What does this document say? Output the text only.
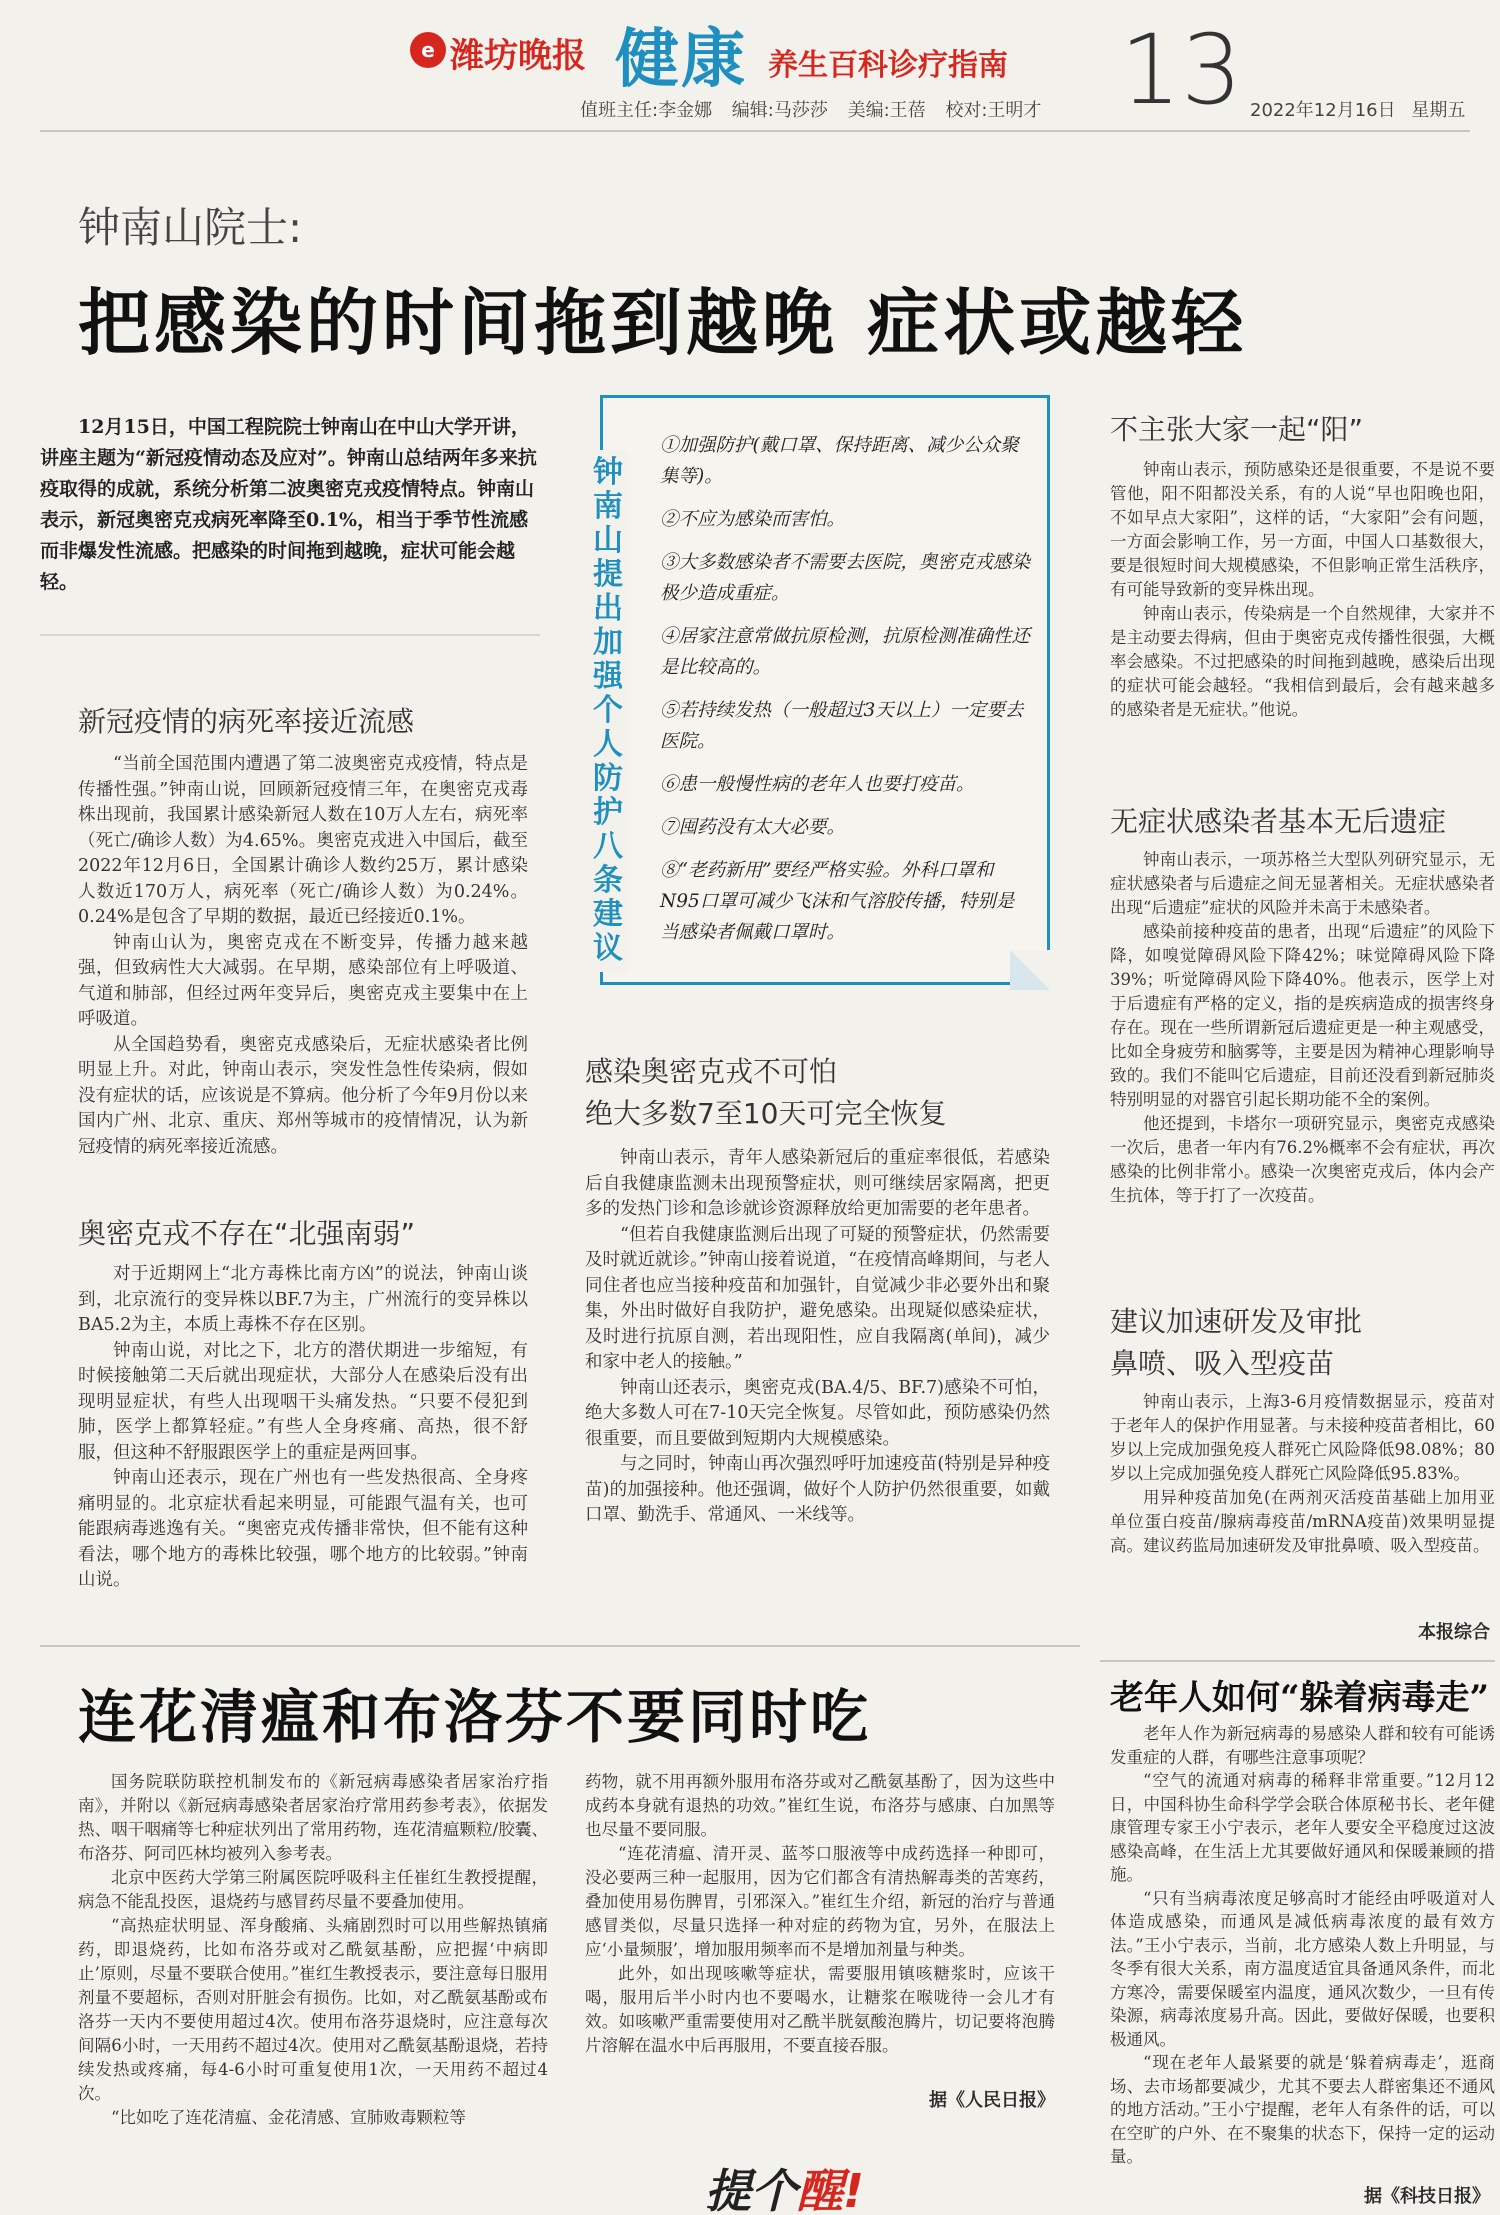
e 潍坊晚报 健康 养生百科诊疗指南 13
值班主任:李金娜 编辑:马莎莎 美编:王蓓 校对:王明才	2022年12月16日 星期五
钟南山院士:
把感染的时间拖到越晚 症状或越轻
12月15日，中国工程院院士钟南山在中山大学开讲，讲座主题为“新冠疫情动态及应对”。钟南山总结两年多来抗疫取得的成就，系统分析第二波奥密克戎疫情特点。钟南山表示，新冠奥密克戎病死率降至0.1%，相当于季节性流感而非爆发性流感。把感染的时间拖到越晚，症状可能会越轻。
新冠疫情的病死率接近流感

“当前全国范围内遭遇了第二波奥密克戎疫情，特点是传播性强。”钟南山说，回顾新冠疫情三年，在奥密克戎毒株出现前，我国累计感染新冠人数在10万人左右，病死率（死亡/确诊人数）为4.65%。奥密克戎进入中国后，截至2022年12月6日，全国累计确诊人数约25万，累计感染人数近170万人，病死率（死亡/确诊人数）为0.24%。0.24%是包含了早期的数据，最近已经接近0.1%。

钟南山认为，奥密克戎在不断变异，传播力越来越强，但致病性大大减弱。在早期，感染部位有上呼吸道、气道和肺部，但经过两年变异后，奥密克戎主要集中在上呼吸道。

从全国趋势看，奥密克戎感染后，无症状感染者比例明显上升。对此，钟南山表示，突发性急性传染病，假如没有症状的话，应该说是不算病。他分析了今年9月份以来国内广州、北京、重庆、郑州等城市的疫情情况，认为新冠疫情的病死率接近流感。

奥密克戎不存在“北强南弱”

对于近期网上“北方毒株比南方凶”的说法，钟南山谈到，北京流行的变异株以BF.7为主，广州流行的变异株以BA5.2为主，本质上毒株不存在区别。

钟南山说，对比之下，北方的潜伏期进一步缩短，有时候接触第二天后就出现症状，大部分人在感染后没有出现明显症状，有些人出现咽干头痛发热。“只要不侵犯到肺，医学上都算轻症。”有些人全身疼痛、高热，很不舒服，但这种不舒服跟医学上的重症是两回事。

钟南山还表示，现在广州也有一些发热很高、全身疼痛明显的。北京症状看起来明显，可能跟气温有关，也可能跟病毒逃逸有关。“奥密克戎传播非常快，但不能有这种看法，哪个地方的毒株比较强，哪个地方的比较弱。”钟南山说。

钟南山提出加强个人防护八条建议
①加强防护(戴口罩、保持距离、减少公众聚集等)。
②不应为感染而害怕。
③大多数感染者不需要去医院，奥密克戎感染极少造成重症。
④居家注意常做抗原检测，抗原检测准确性还是比较高的。
⑤若持续发热（一般超过3天以上）一定要去医院。
⑥患一般慢性病的老年人也要打疫苗。
⑦囤药没有太大必要。
⑧“老药新用”要经严格实验。外科口罩和N95口罩可减少飞沫和气溶胶传播，特别是当感染者佩戴口罩时。
感染奥密克戎不可怕
绝大多数7至10天可完全恢复

钟南山表示，青年人感染新冠后的重症率很低，若感染后自我健康监测未出现预警症状，则可继续居家隔离，把更多的发热门诊和急诊就诊资源释放给更加需要的老年患者。

“但若自我健康监测后出现了可疑的预警症状，仍然需要及时就近就诊。”钟南山接着说道，“在疫情高峰期间，与老人同住者也应当接种疫苗和加强针，自觉减少非必要外出和聚集，外出时做好自我防护，避免感染。出现疑似感染症状，及时进行抗原自测，若出现阳性，应自我隔离(单间)，减少和家中老人的接触。”

钟南山还表示，奥密克戎(BA.4/5、BF.7)感染不可怕，绝大多数人可在7-10天完全恢复。尽管如此，预防感染仍然很重要，而且要做到短期内大规模感染。

与之同时，钟南山再次强烈呼吁加速疫苗(特别是异种疫苗)的加强接种。他还强调，做好个人防护仍然很重要，如戴口罩、勤洗手、常通风、一米线等。

不主张大家一起“阳”

钟南山表示，预防感染还是很重要，不是说不要管他，阳不阳都没关系，有的人说“早也阳晚也阳，不如早点大家阳”，这样的话，“大家阳”会有问题，一方面会影响工作，另一方面，中国人口基数很大，要是很短时间大规模感染，不但影响正常生活秩序，有可能导致新的变异株出现。

钟南山表示，传染病是一个自然规律，大家并不是主动要去得病，但由于奥密克戎传播性很强，大概率会感染。不过把感染的时间拖到越晚，感染后出现的症状可能会越轻。“我相信到最后，会有越来越多的感染者是无症状。”他说。

无症状感染者基本无后遗症

钟南山表示，一项苏格兰大型队列研究显示，无症状感染者与后遗症之间无显著相关。无症状感染者出现“后遗症”症状的风险并未高于未感染者。

感染前接种疫苗的患者，出现“后遗症”的风险下降，如嗅觉障碍风险下降42%；味觉障碍风险下降39%；听觉障碍风险下降40%。他表示，医学上对于后遗症有严格的定义，指的是疾病造成的损害终身存在。现在一些所谓新冠后遗症更是一种主观感受，比如全身疲劳和脑雾等，主要是因为精神心理影响导致的。我们不能叫它后遗症，目前还没看到新冠肺炎特别明显的对器官引起长期功能不全的案例。

他还提到，卡塔尔一项研究显示，奥密克戎感染一次后，患者一年内有76.2%概率不会有症状，再次感染的比例非常小。感染一次奥密克戎后，体内会产生抗体，等于打了一次疫苗。

建议加速研发及审批
鼻喷、吸入型疫苗

钟南山表示，上海3-6月疫情数据显示，疫苗对于老年人的保护作用显著。与未接种疫苗者相比，60岁以上完成加强免疫人群死亡风险降低98.08%；80岁以上完成加强免疫人群死亡风险降低95.83%。

用异种疫苗加免(在两剂灭活疫苗基础上加用亚单位蛋白疫苗/腺病毒疫苗/mRNA疫苗)效果明显提高。建议药监局加速研发及审批鼻喷、吸入型疫苗。

本报综合
连花清瘟和布洛芬不要同时吃

国务院联防联控机制发布的《新冠病毒感染者居家治疗指南》，并附以《新冠病毒感染者居家治疗常用药参考表》，依据发热、咽干咽痛等七种症状列出了常用药物，连花清瘟颗粒/胶囊、布洛芬、阿司匹林均被列入参考表。

北京中医药大学第三附属医院呼吸科主任崔红生教授提醒，病急不能乱投医，退烧药与感冒药尽量不要叠加使用。

“高热症状明显、浑身酸痛、头痛剧烈时可以用些解热镇痛药，即退烧药，比如布洛芬或对乙酰氨基酚，应把握‘中病即止’原则，尽量不要联合使用。”崔红生教授表示，要注意每日服用剂量不要超标，否则对肝脏会有损伤。比如，对乙酰氨基酚或布洛芬一天内不要使用超过4次。使用布洛芬退烧时，应注意每次间隔6小时，一天用药不超过4次。使用对乙酰氨基酚退烧，若持续发热或疼痛，每4-6小时可重复使用1次，一天用药不超过4次。

“比如吃了连花清瘟、金花清感、宣肺败毒颗粒等

药物，就不用再额外服用布洛芬或对乙酰氨基酚了，因为这些中成药本身就有退热的功效。”崔红生说，布洛芬与感康、白加黑等也尽量不要同服。

“连花清瘟、清开灵、蓝芩口服液等中成药选择一种即可，没必要两三种一起服用，因为它们都含有清热解毒类的苦寒药，叠加使用易伤脾胃，引邪深入。”崔红生介绍，新冠的治疗与普通感冒类似，尽量只选择一种对症的药物为宜，另外，在服法上应‘小量频服’，增加服用频率而不是增加剂量与种类。

此外，如出现咳嗽等症状，需要服用镇咳糖浆时，应该干喝，服用后半小时内也不要喝水，让糖浆在喉咙待一会儿才有效。如咳嗽严重需要使用对乙酰半胱氨酸泡腾片，切记要将泡腾片溶解在温水中后再服用，不要直接吞服。

据《人民日报》
提个醒!
老年人如何“躲着病毒走”

老年人作为新冠病毒的易感染人群和较有可能诱发重症的人群，有哪些注意事项呢？

“空气的流通对病毒的稀释非常重要。”12月12日，中国科协生命科学学会联合体原秘书长、老年健康管理专家王小宁表示，老年人要安全平稳度过这波感染高峰，在生活上尤其要做好通风和保暖兼顾的措施。

“只有当病毒浓度足够高时才能经由呼吸道对人体造成感染，而通风是减低病毒浓度的最有效方法。”王小宁表示，当前，北方感染人数上升明显，与冬季有很大关系，南方温度适宜具备通风条件，而北方寒冷，需要保暖室内温度，通风次数少，一旦有传染源，病毒浓度易升高。因此，要做好保暖，也要积极通风。

“现在老年人最紧要的就是‘躲着病毒走’，逛商场、去市场都要减少，尤其不要去人群密集还不通风的地方活动。”王小宁提醒，老年人有条件的话，可以在空旷的户外、在不聚集的状态下，保持一定的运动量。

据《科技日报》
